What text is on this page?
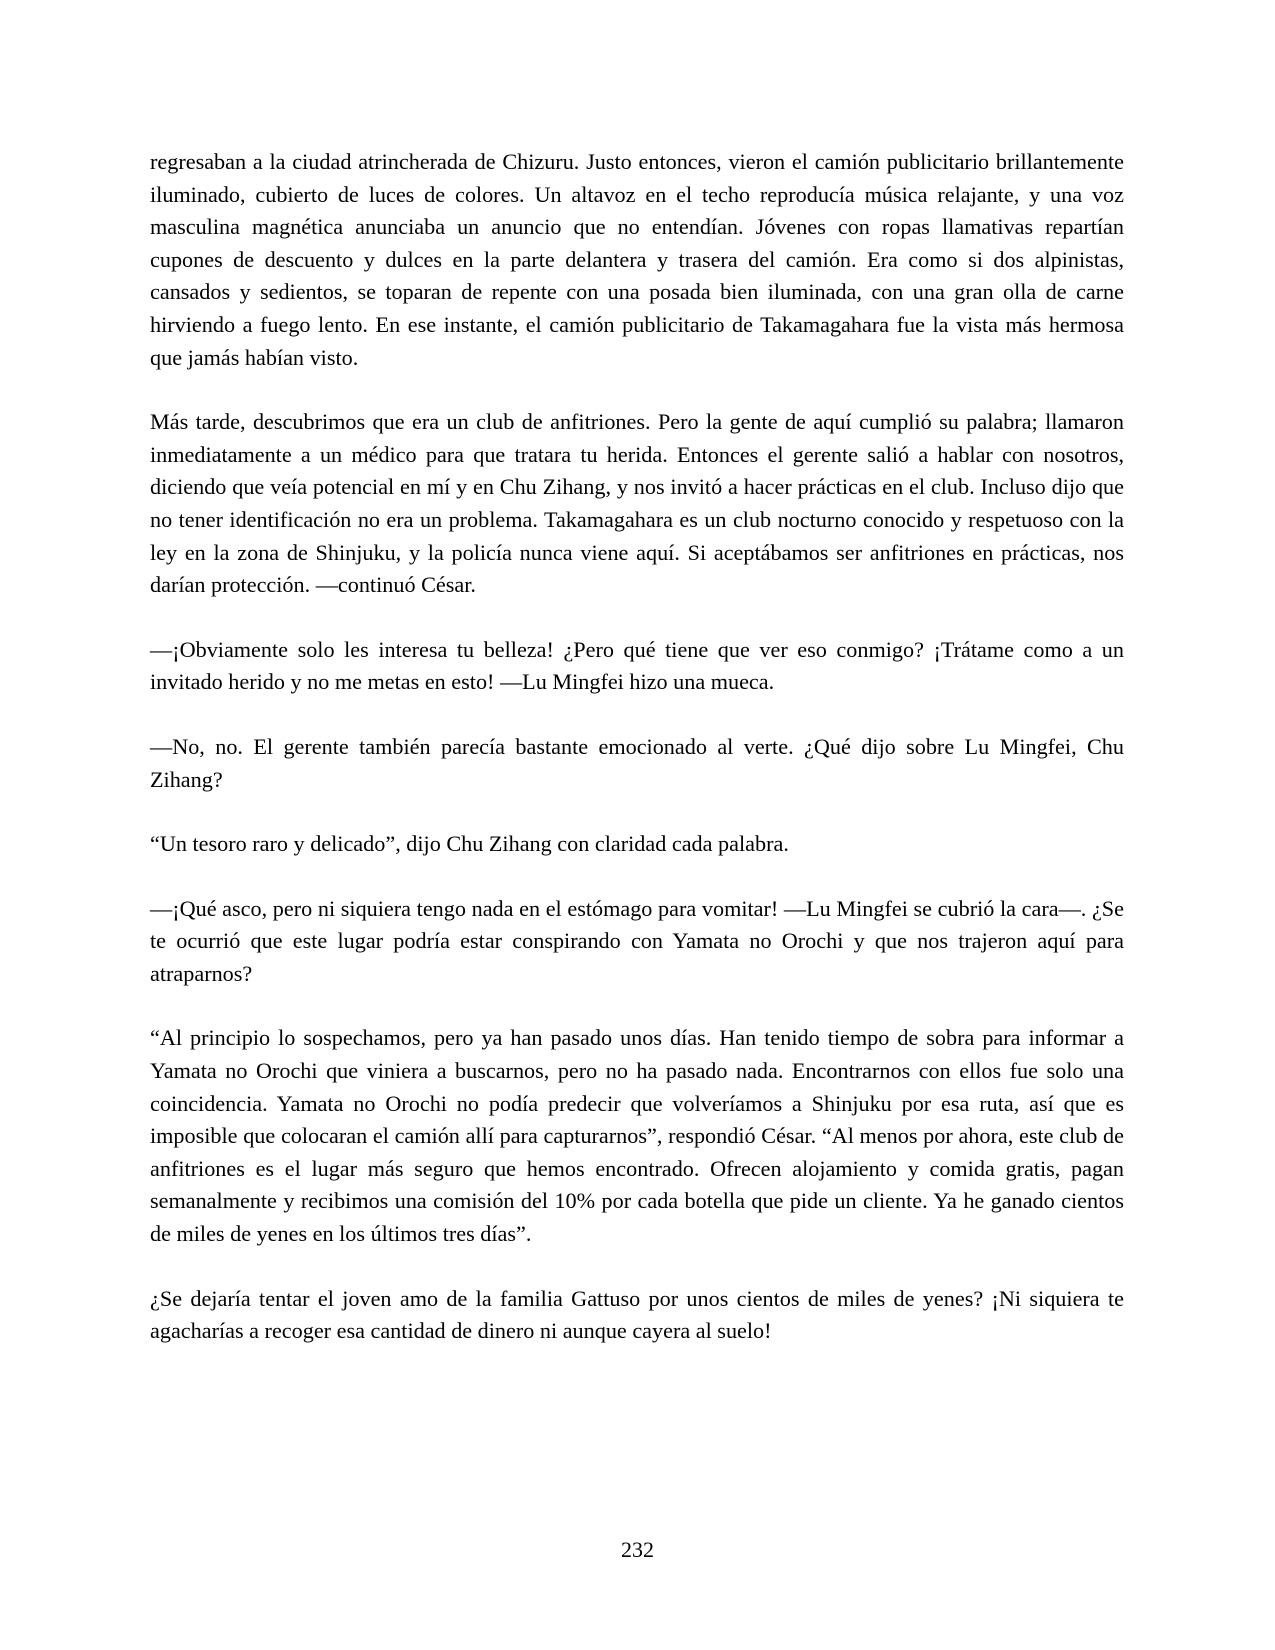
regresaban a la ciudad atrincherada de Chizuru. Justo entonces, vieron el camión publicitario brillantemente iluminado, cubierto de luces de colores. Un altavoz en el techo reproducía música relajante, y una voz masculina magnética anunciaba un anuncio que no entendían. Jóvenes con ropas llamativas repartían cupones de descuento y dulces en la parte delantera y trasera del camión. Era como si dos alpinistas, cansados y sedientos, se toparan de repente con una posada bien iluminada, con una gran olla de carne hirviendo a fuego lento. En ese instante, el camión publicitario de Takamagahara fue la vista más hermosa que jamás habían visto.

Más tarde, descubrimos que era un club de anfitriones. Pero la gente de aquí cumplió su palabra; llamaron inmediatamente a un médico para que tratara tu herida. Entonces el gerente salió a hablar con nosotros, diciendo que veía potencial en mí y en Chu Zihang, y nos invitó a hacer prácticas en el club. Incluso dijo que no tener identificación no era un problema. Takamagahara es un club nocturno conocido y respetuoso con la ley en la zona de Shinjuku, y la policía nunca viene aquí. Si aceptábamos ser anfitriones en prácticas, nos darían protección. —continuó César.

—¡Obviamente solo les interesa tu belleza! ¿Pero qué tiene que ver eso conmigo? ¡Trátame como a un invitado herido y no me metas en esto! —Lu Mingfei hizo una mueca.

—No, no. El gerente también parecía bastante emocionado al verte. ¿Qué dijo sobre Lu Mingfei, Chu Zihang?

“Un tesoro raro y delicado”, dijo Chu Zihang con claridad cada palabra.

—¡Qué asco, pero ni siquiera tengo nada en el estómago para vomitar! —Lu Mingfei se cubrió la cara—. ¿Se te ocurrió que este lugar podría estar conspirando con Yamata no Orochi y que nos trajeron aquí para atraparnos?

“Al principio lo sospechamos, pero ya han pasado unos días. Han tenido tiempo de sobra para informar a Yamata no Orochi que viniera a buscarnos, pero no ha pasado nada. Encontrarnos con ellos fue solo una coincidencia. Yamata no Orochi no podía predecir que volveríamos a Shinjuku por esa ruta, así que es imposible que colocaran el camión allí para capturarnos”, respondió César. “Al menos por ahora, este club de anfitriones es el lugar más seguro que hemos encontrado. Ofrecen alojamiento y comida gratis, pagan semanalmente y recibimos una comisión del 10% por cada botella que pide un cliente. Ya he ganado cientos de miles de yenes en los últimos tres días”.

¿Se dejaría tentar el joven amo de la familia Gattuso por unos cientos de miles de yenes? ¡Ni siquiera te agacharías a recoger esa cantidad de dinero ni aunque cayera al suelo!

232
